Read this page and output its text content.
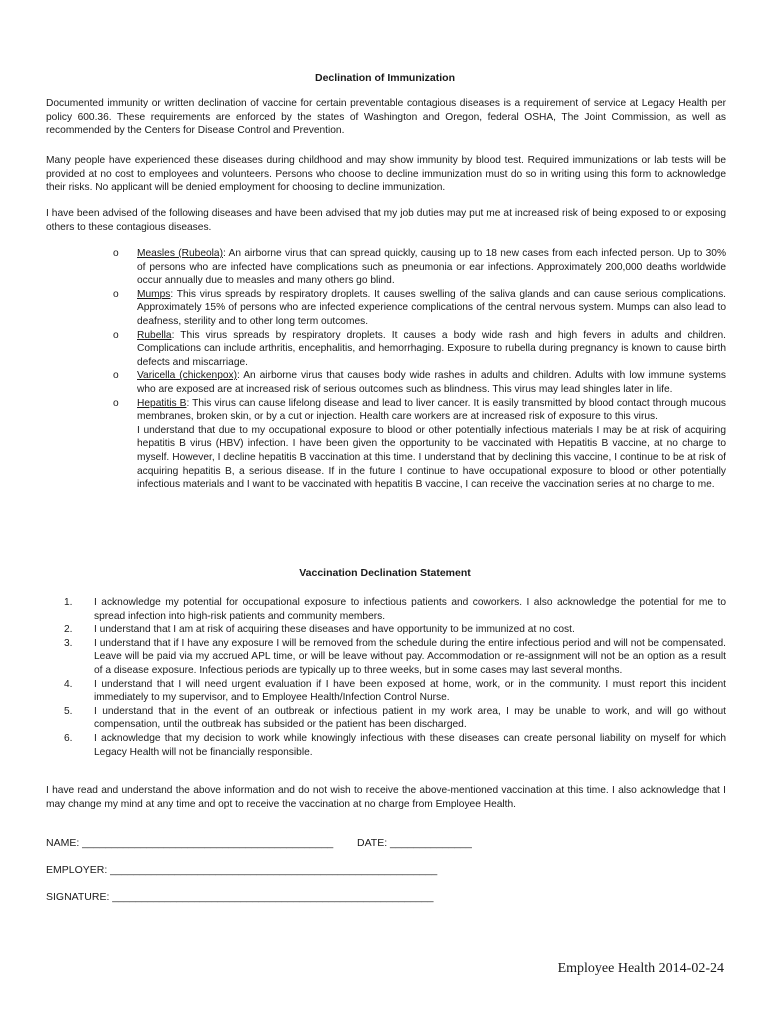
Declination of Immunization

Documented immunity or written declination of vaccine for certain preventable contagious diseases is a requirement of service at Legacy Health per policy 600.36. These requirements are enforced by the states of Washington and Oregon, federal OSHA, The Joint Commission, as well as recommended by the Centers for Disease Control and Prevention.

Many people have experienced these diseases during childhood and may show immunity by blood test. Required immunizations or lab tests will be provided at no cost to employees and volunteers. Persons who choose to decline immunization must do so in writing using this form to acknowledge their risks. No applicant will be denied employment for choosing to decline immunization.

I have been advised of the following diseases and have been advised that my job duties may put me at increased risk of being exposed to or exposing others to these contagious diseases.

o Measles (Rubeola): An airborne virus that can spread quickly, causing up to 18 new cases from each infected person. Up to 30% of persons who are infected have complications such as pneumonia or ear infections. Approximately 200,000 deaths worldwide occur annually due to measles and many others go blind.
o Mumps: This virus spreads by respiratory droplets. It causes swelling of the saliva glands and can cause serious complications. Approximately 15% of persons who are infected experience complications of the central nervous system. Mumps can also lead to deafness, sterility and to other long term outcomes.
o Rubella: This virus spreads by respiratory droplets. It causes a body wide rash and high fevers in adults and children. Complications can include arthritis, encephalitis, and hemorrhaging. Exposure to rubella during pregnancy is known to cause birth defects and miscarriage.
o Varicella (chickenpox): An airborne virus that causes body wide rashes in adults and children. Adults with low immune systems who are exposed are at increased risk of serious outcomes such as blindness. This virus may lead shingles later in life.
o Hepatitis B: This virus can cause lifelong disease and lead to liver cancer. It is easily transmitted by blood contact through mucous membranes, broken skin, or by a cut or injection. Health care workers are at increased risk of exposure to this virus.

I understand that due to my occupational exposure to blood or other potentially infectious materials I may be at risk of acquiring hepatitis B virus (HBV) infection. I have been given the opportunity to be vaccinated with Hepatitis B vaccine, at no charge to myself. However, I decline hepatitis B vaccination at this time. I understand that by declining this vaccine, I continue to be at risk of acquiring hepatitis B, a serious disease. If in the future I continue to have occupational exposure to blood or other potentially infectious materials and I want to be vaccinated with hepatitis B vaccine, I can receive the vaccination series at no charge to me.

Vaccination Declination Statement
1. I acknowledge my potential for occupational exposure to infectious patients and coworkers. I also acknowledge the potential for me to spread infection into high-risk patients and community members.
2. I understand that I am at risk of acquiring these diseases and have opportunity to be immunized at no cost.
3. I understand that if I have any exposure I will be removed from the schedule during the entire infectious period and will not be compensated. Leave will be paid via my accrued APL time, or will be leave without pay. Accommodation or re-assignment will not be an option as a result of a disease exposure. Infectious periods are typically up to three weeks, but in some cases may last several months.
4. I understand that I will need urgent evaluation if I have been exposed at home, work, or in the community. I must report this incident immediately to my supervisor, and to Employee Health/Infection Control Nurse.
5. I understand that in the event of an outbreak or infectious patient in my work area, I may be unable to work, and will go without compensation, until the outbreak has subsided or the patient has been discharged.
6. I acknowledge that my decision to work while knowingly infectious with these diseases can create personal liability on myself for which Legacy Health will not be financially responsible.

I have read and understand the above information and do not wish to receive the above-mentioned vaccination at this time. I also acknowledge that I may change my mind at any time and opt to receive the vaccination at no charge from Employee Health.

NAME: ___________________________________________ DATE: ______________
EMPLOYER: ________________________________________________________
SIGNATURE: _______________________________________________________
Employee Health 2014-02-24
